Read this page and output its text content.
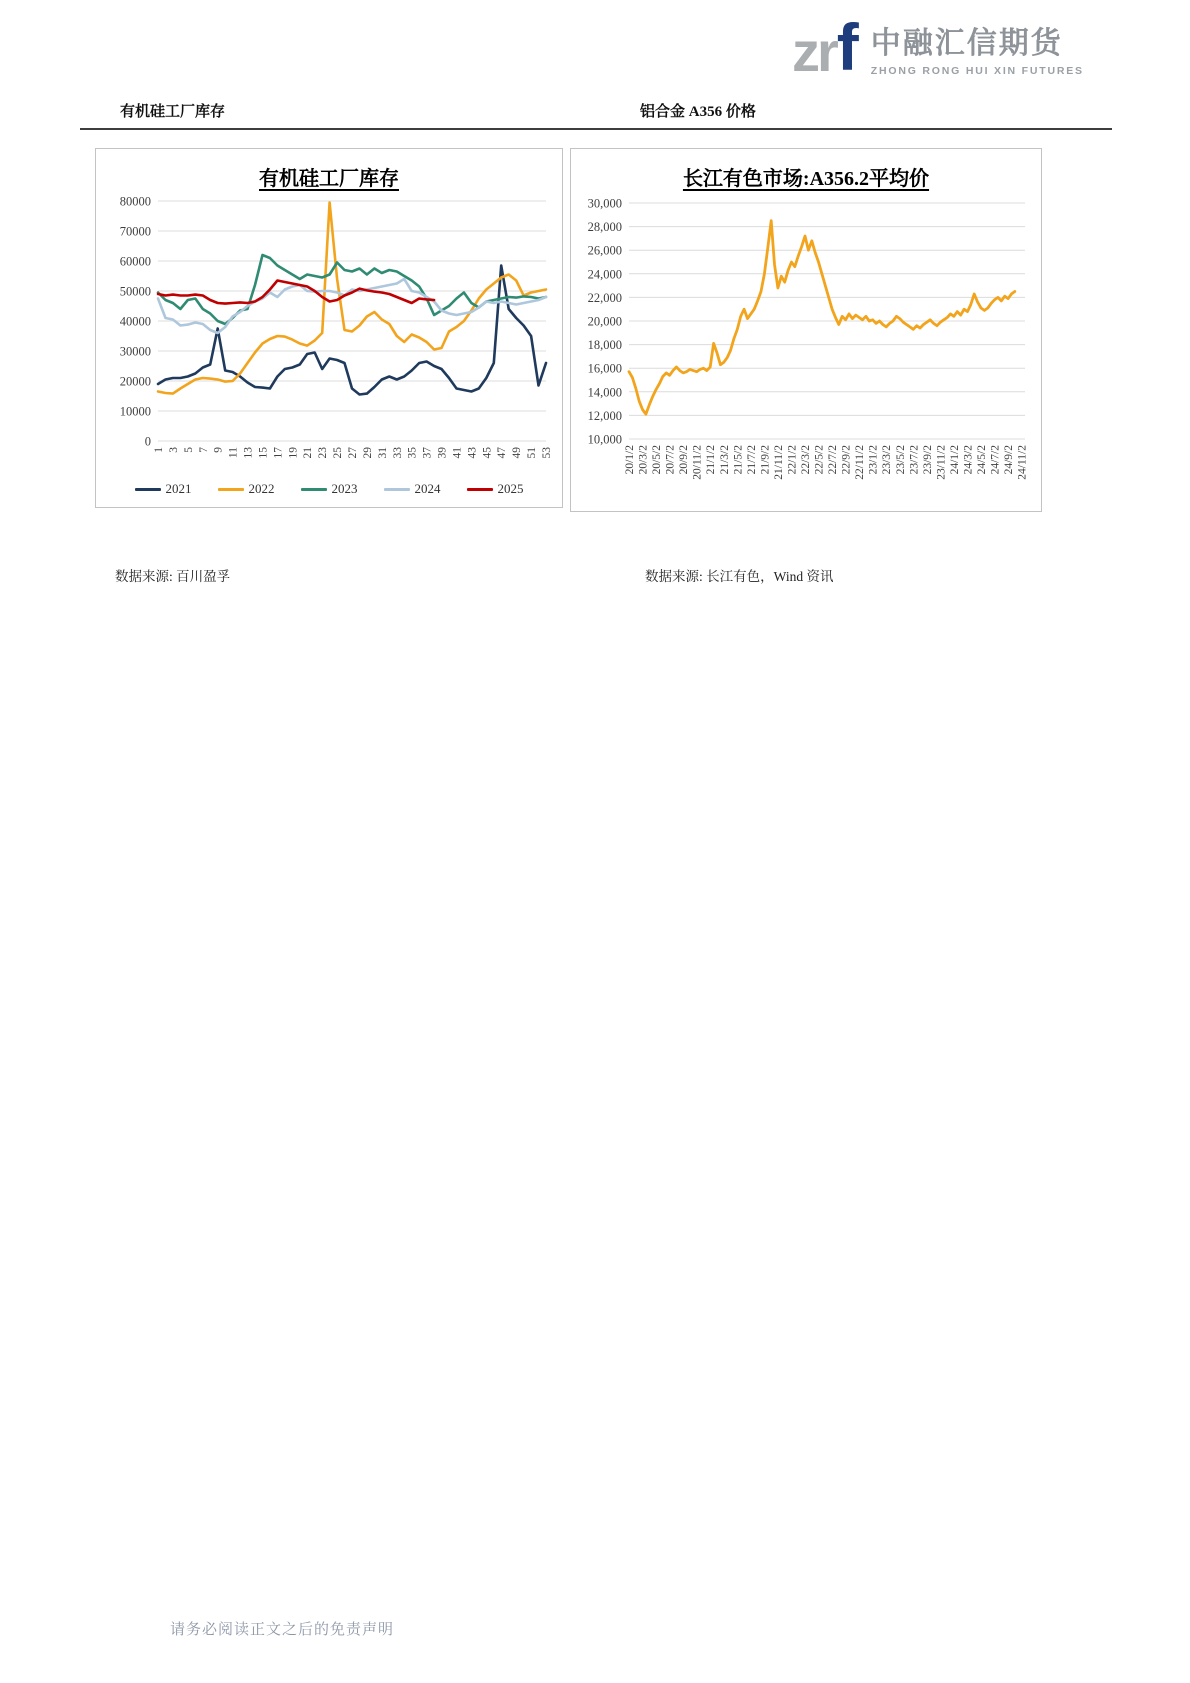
zr f 中融汇信期货
ZHONG RONG HUI XIN FUTURES
有机硅工厂库存	铝合金 A356 价格
有机硅工厂库存
0
10000
20000
30000
40000
50000
60000
70000
80000
1 3 5 7 9 11 13 15 17 19 21 23 25 27 29 31 33 35 37 39 41 43 45 47 49 51 53
2021	2022	2023	2024	2025
长江有色市场:A356.2平均价
10,000
12,000
14,000
16,000
18,000
20,000
22,000
24,000
26,000
28,000
30,000
20/1/2 20/3/2 20/5/2 20/7/2 20/9/2 20/11/2 21/1/2 21/3/2 21/5/2 21/7/2 21/9/2 21/11/2 22/1/2 22/3/2 22/5/2 22/7/2 22/9/2 22/11/2 23/1/2 23/3/2 23/5/2 23/7/2 23/9/2 23/11/2 24/1/2 24/3/2 24/5/2 24/7/2 24/9/2 24/11/2
数据来源: 百川盈孚	数据来源: 长江有色，Wind 资讯
请务必阅读正文之后的免责声明
